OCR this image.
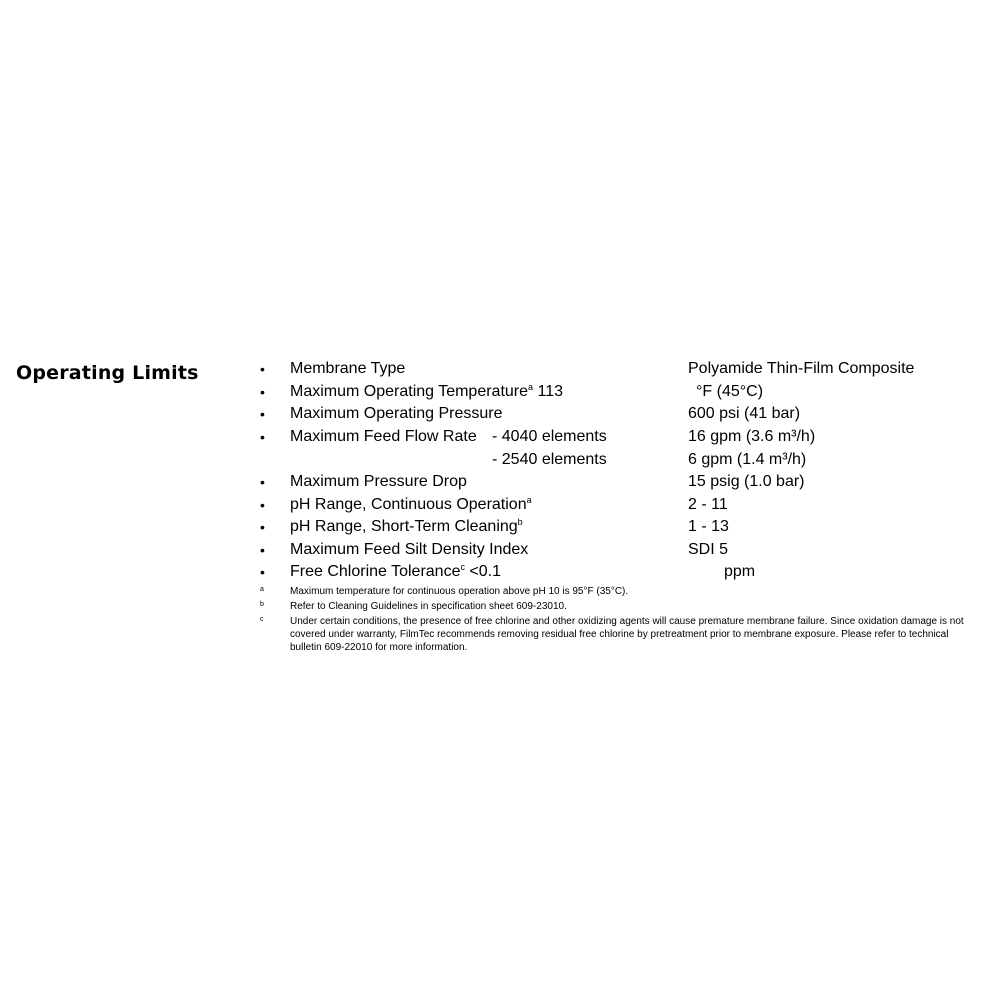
Operating Limits	• Membrane Type	Polyamide Thin-Film Composite
• Maximum Operating Temperature$^a$ 113	°F (45°C)
• Maximum Operating Pressure	600 psi (41 bar)
• Maximum Feed Flow Rate - 4040 elements	16 gpm (3.6 m³/h)
- 2540 elements	6 gpm (1.4 m³/h)
• Maximum Pressure Drop	15 psig (1.0 bar)
• pH Range, Continuous Operation$^a$	2 - 11
• pH Range, Short-Term Cleaning$^b$	1 - 13
• Maximum Feed Silt Density Index	SDI 5
• Free Chlorine Tolerance$^c$ <0.1	ppm
a	Maximum temperature for continuous operation above pH 10 is 95°F (35°C).
b	Refer to Cleaning Guidelines in specification sheet 609-23010.
c	Under certain conditions, the presence of free chlorine and other oxidizing agents will cause premature membrane failure. Since oxidation damage is not covered under warranty, FilmTec recommends removing residual free chlorine by pretreatment prior to membrane exposure. Please refer to technical bulletin 609-22010 for more information.
